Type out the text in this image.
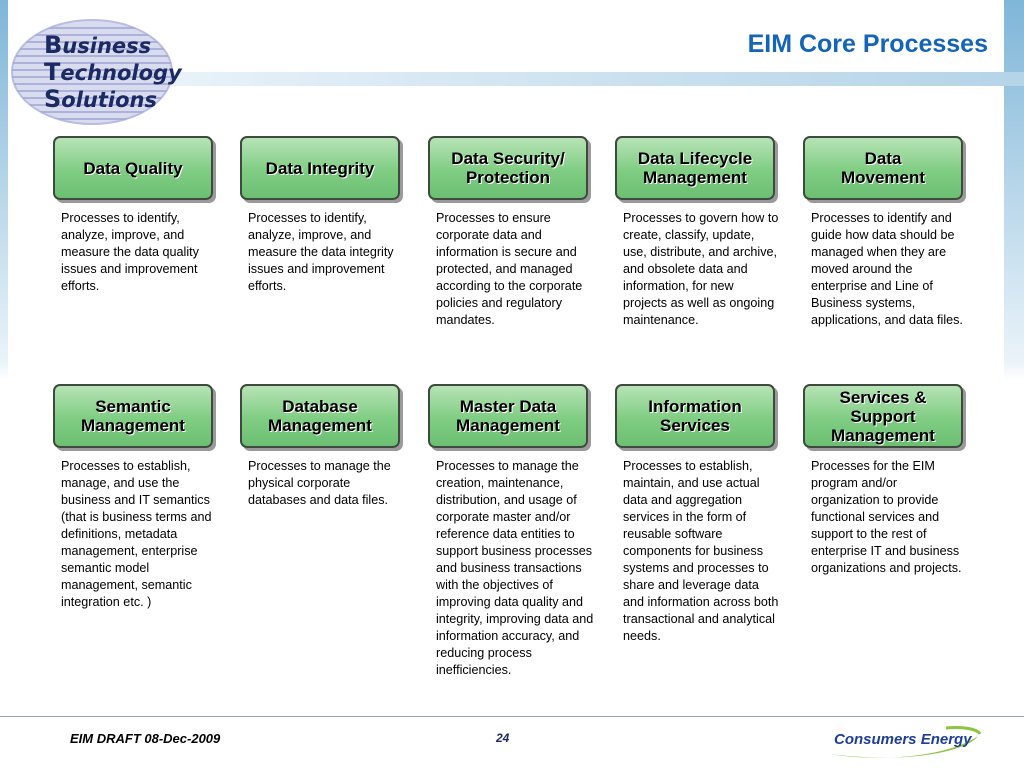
Business
Technology
Solutions
EIM Core Processes
Data Quality
Processes to identify, analyze, improve, and measure the data quality issues and improvement efforts.
Data Integrity
Processes to identify, analyze, improve, and measure the data integrity issues and improvement efforts.
Data Security/
Protection
Processes to ensure corporate data and information is secure and protected, and managed according to the corporate policies and regulatory mandates.
Data Lifecycle
Management
Processes to govern how to create, classify, update, use, distribute, and archive, and obsolete data and information, for new projects as well as ongoing maintenance.
Data
Movement
Processes to identify and guide how data should be managed when they are moved around the enterprise and Line of Business systems, applications, and data files.
Semantic
Management
Processes to establish, manage, and use the business and IT semantics (that is business terms and definitions, metadata management, enterprise semantic model management, semantic integration etc. )
Database
Management
Processes to manage the physical corporate databases and data files.
Master Data
Management
Processes to manage the creation, maintenance, distribution, and usage of corporate master and/or reference data entities to support business processes and business transactions with the objectives of improving data quality and integrity, improving data and information accuracy, and reducing process inefficiencies.
Information
Services
Processes to establish, maintain, and use actual data and aggregation services in the form of reusable software components for business systems and processes to share and leverage data and information across both transactional and analytical needs.
Services &
Support
Management
Processes for the EIM program and/or organization to provide functional services and support to the rest of enterprise IT and business organizations and projects.
EIM DRAFT 08-Dec-2009	24	Consumers Energy
